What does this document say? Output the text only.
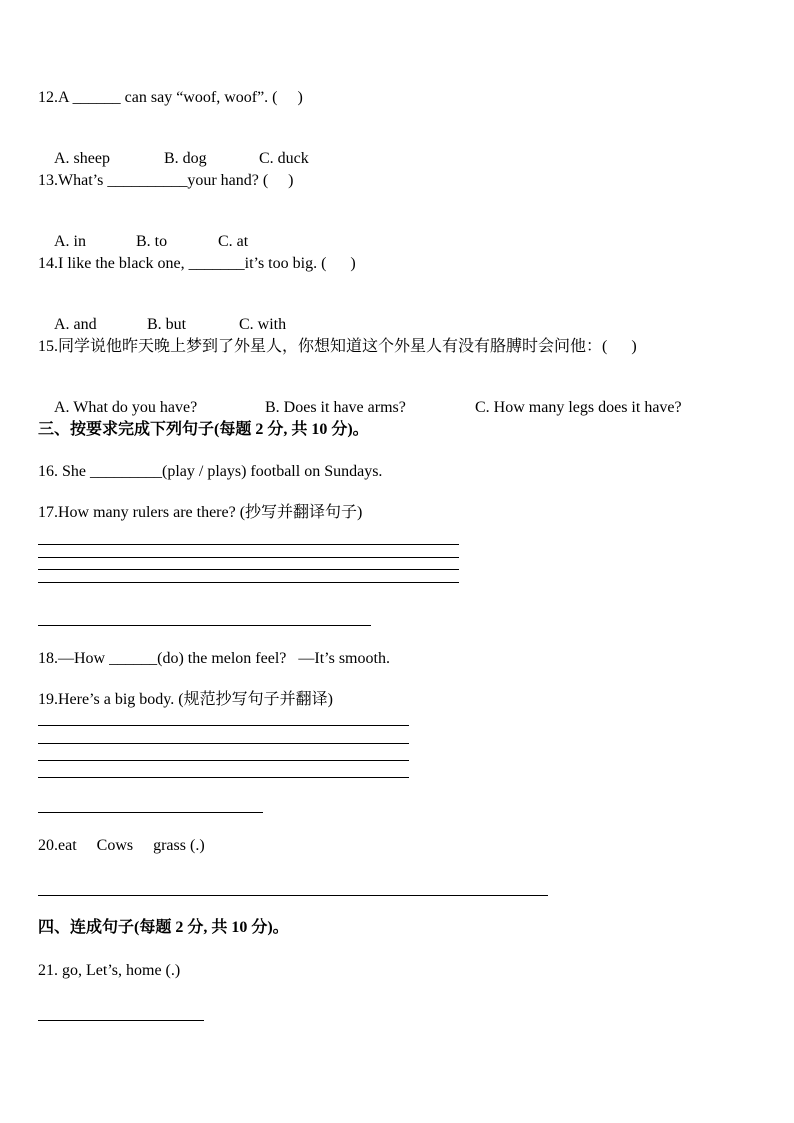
12.A ______ can say “woof, woof”. (     )

A. sheep	B. dog	C. duck

13.What’s __________your hand? (     )

A. in	B. to	C. at

14.I like the black one, _______it’s too big. (      )

A. and	B. but	C. with

15.同学说他昨天晚上梦到了外星人，你想知道这个外星人有没有胳膊时会问他：(      )

A. What do you have?	B. Does it have arms?	C. How many legs does it have?

三、按要求完成下列句子(每题 2 分, 共 10 分)。
16. She _________(play / plays) football on Sundays.
17.How many rulers are there? (抄写并翻译句子)
18.—How ______(do) the melon feel?   —It’s smooth.
19.Here’s a big body. (规范抄写句子并翻译)
20.eat     Cows     grass (.)
四、连成句子(每题 2 分, 共 10 分)。
21. go, Let’s, home (.)
